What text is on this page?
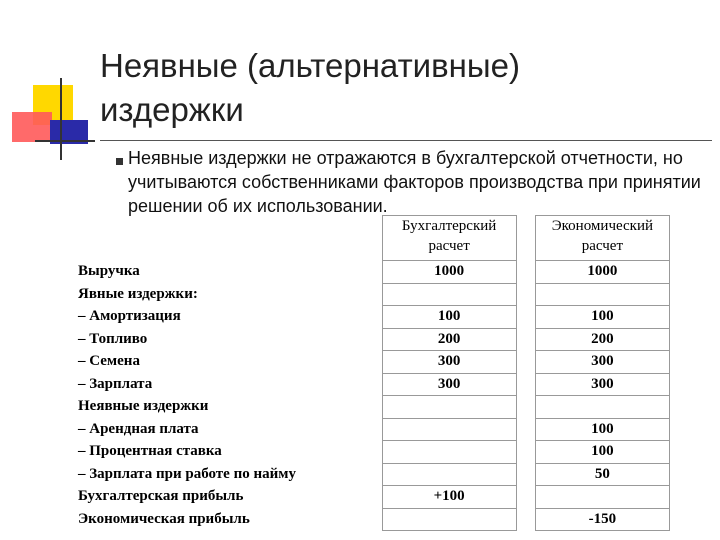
Неявные (альтернативные)
издержки
Неявные издержки не отражаются в бухгалтерской отчетности, но учитываются собственниками факторов производства при принятии решении об их использовании.
	Бухгалтерский расчет		Экономический расчет
Выручка	1000		1000
Явные издержки:			
– Амортизация	100		100
– Топливо	200		200
– Семена	300		300
– Зарплата	300		300
Неявные издержки			
– Арендная плата			100
– Процентная ставка			100
– Зарплата при работе по найму			50
Бухгалтерская прибыль	+100		
Экономическая прибыль			-150
